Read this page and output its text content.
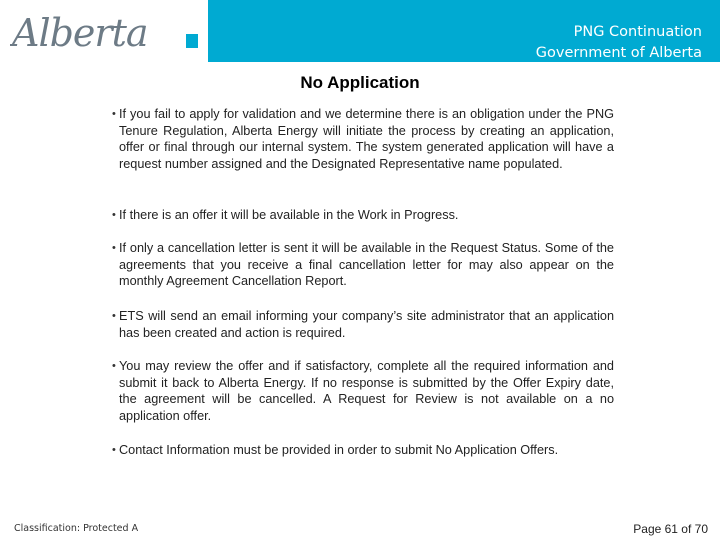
Alberta	PNG Continuation
Government of Alberta
No Application
• If you fail to apply for validation and we determine there is an obligation under the PNG Tenure Regulation, Alberta Energy will initiate the process by creating an application, offer or final through our internal system. The system generated application will have a request number assigned and the Designated Representative name populated.
• If there is an offer it will be available in the Work in Progress.
• If only a cancellation letter is sent it will be available in the Request Status. Some of the agreements that you receive a final cancellation letter for may also appear on the monthly Agreement Cancellation Report.
• ETS will send an email informing your company’s site administrator that an application has been created and action is required.
• You may review the offer and if satisfactory, complete all the required information and submit it back to Alberta Energy. If no response is submitted by the Offer Expiry date, the agreement will be cancelled. A Request for Review is not available on a no application offer.
• Contact Information must be provided in order to submit No Application Offers.
Classification: Protected A	Page 61 of 70
